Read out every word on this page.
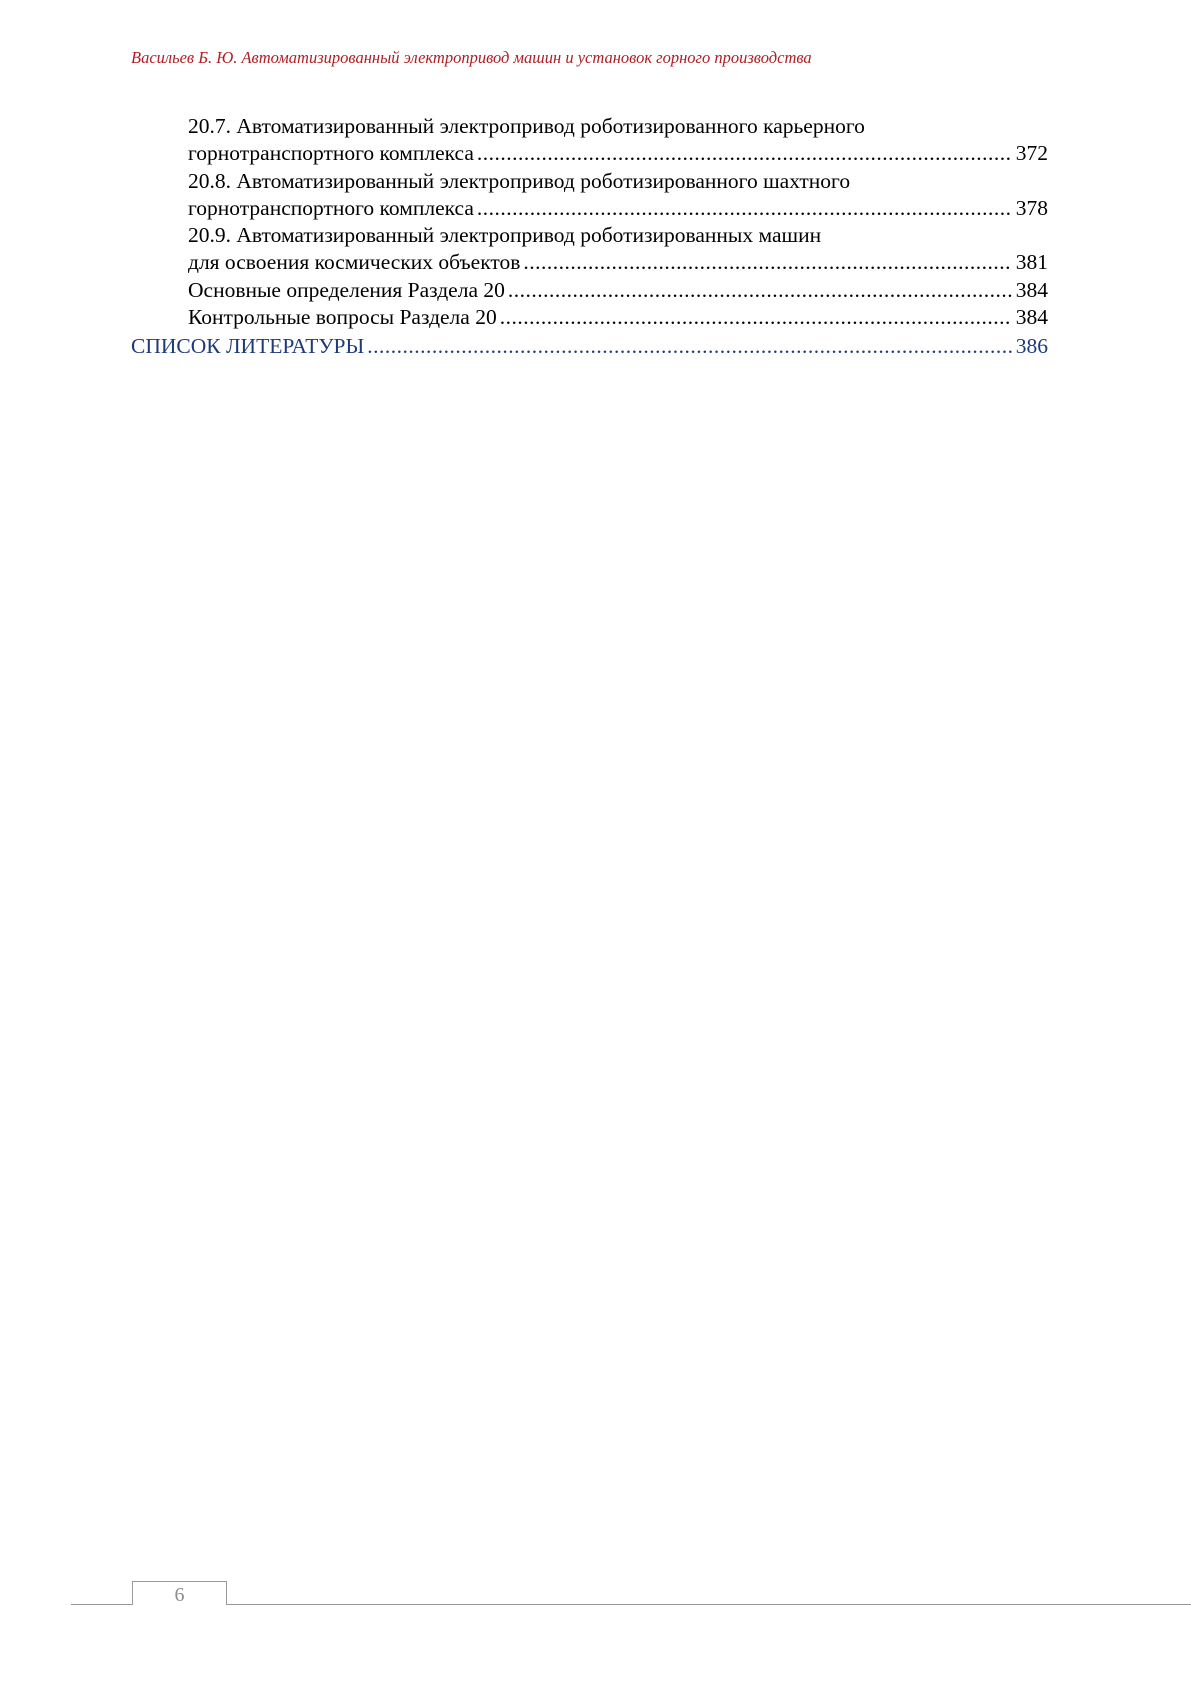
Васильев Б. Ю. Автоматизированный электропривод машин и установок горного производства
20.7. Автоматизированный электропривод роботизированного карьерного
горнотранспортного комплекса .....	372
20.8. Автоматизированный электропривод роботизированного шахтного
горнотранспортного комплекса .....	378
20.9. Автоматизированный электропривод роботизированных машин
для освоения космических объектов .....	381
Основные определения Раздела 20 .....	384
Контрольные вопросы Раздела 20 .....	384
СПИСОК ЛИТЕРАТУРЫ .....	386
6
